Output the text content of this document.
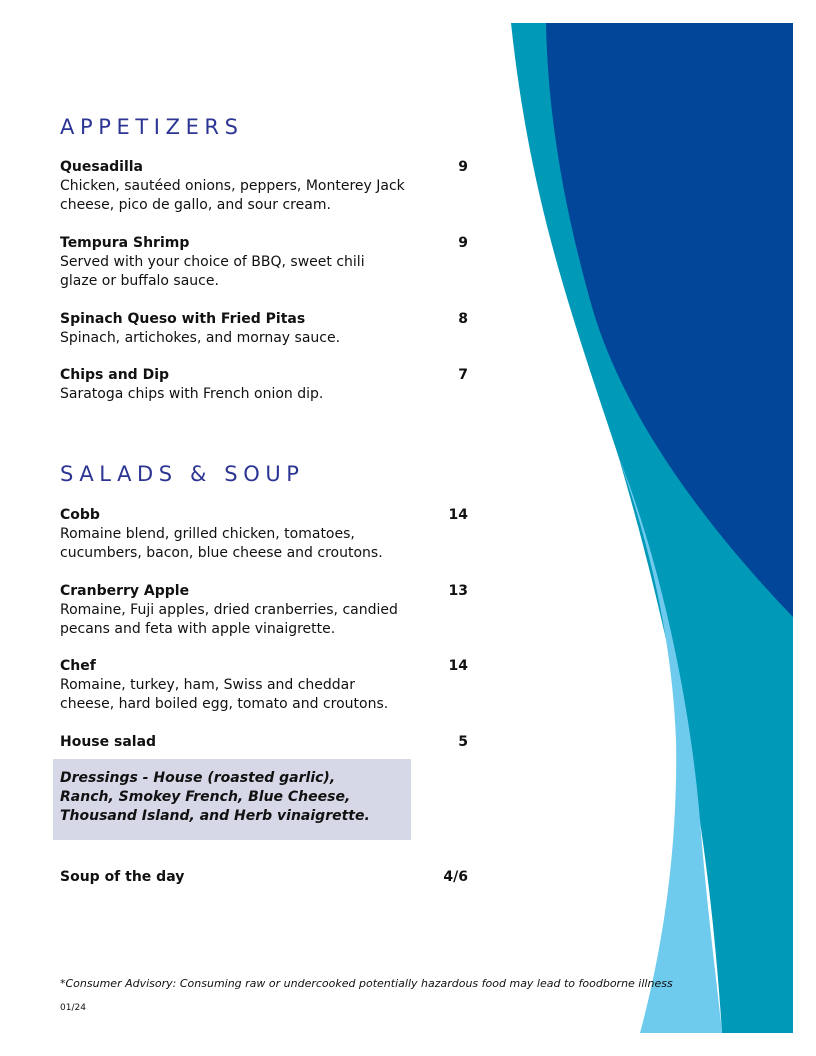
APPETIZERS
Quesadilla	9
Chicken, sautéed onions, peppers, Monterey Jack cheese, pico de gallo, and sour cream.
Tempura Shrimp	9
Served with your choice of BBQ, sweet chili glaze or buffalo sauce.
Spinach Queso with Fried Pitas	8
Spinach, artichokes, and mornay sauce.
Chips and Dip	7
Saratoga chips with French onion dip.
SALADS & SOUP
Cobb	14
Romaine blend, grilled chicken, tomatoes, cucumbers, bacon, blue cheese and croutons.
Cranberry Apple	13
Romaine, Fuji apples, dried cranberries, candied pecans and feta with apple vinaigrette.
Chef	14
Romaine, turkey, ham, Swiss and cheddar cheese, hard boiled egg, tomato and croutons.
House salad	5
Dressings - House (roasted garlic), Ranch, Smokey French, Blue Cheese, Thousand Island, and Herb vinaigrette.
Soup of the day	4/6
*Consumer Advisory: Consuming raw or undercooked potentially hazardous food may lead to foodborne illness
01/24
